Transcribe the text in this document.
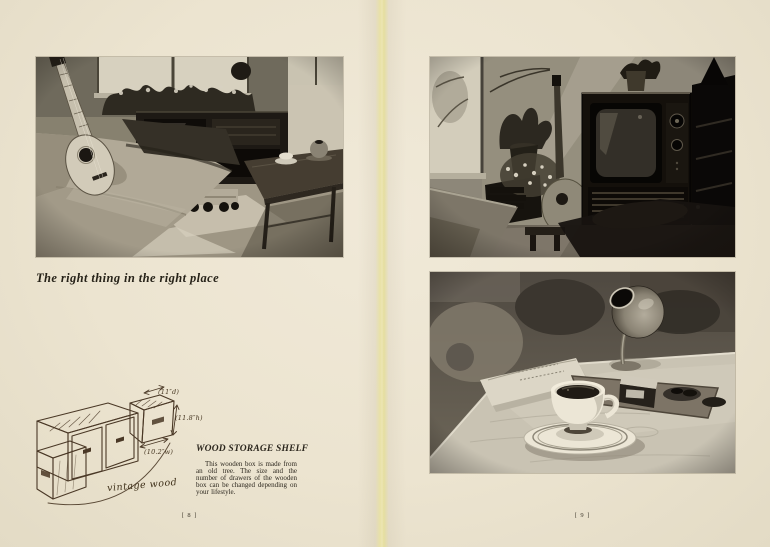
The right thing in the right place
(11″d)
(11.8″h)
(10.2″w)
vintage wood
WOOD STORAGE SHELF

This wooden box is made from an old tree. The size and the number of drawers of the wooden box can be changed depending on your lifestyle.

[ 8 ]	[ 9 ]
